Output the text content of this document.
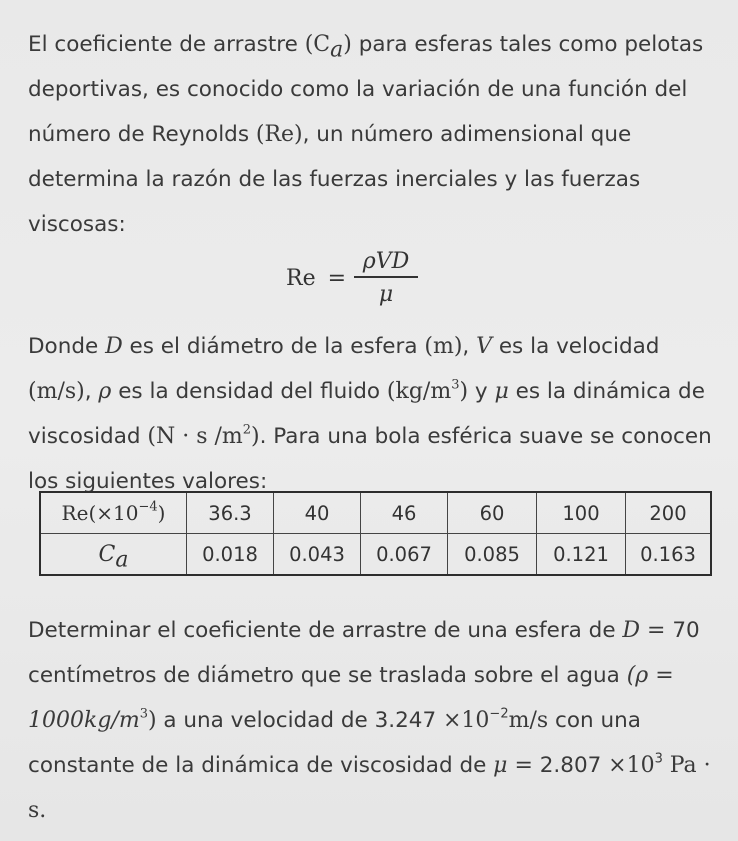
El coeficiente de arrastre $(C_a)$ para esferas tales como pelotas deportivas, es conocido como la variación de una función del número de Reynolds (Re), un número adimensional que determina la razón de las fuerzas inerciales y las fuerzas viscosas:

$Re = \frac{\text{ρVD}}{\mu}$

Donde D es el diámetro de la esfera (m), V es la velocidad (m/s), ρ es la densidad del fluido $(kg/m^3)$ y μ es la dinámica de viscosidad (N · s $/m^2$). Para una bola esférica suave se conocen los siguientes valores:

$Re(\times 10^{-4})$	36.3	40	46	60	100	200
$C_a$	0.018	0.043	0.067	0.085	0.121	0.163

Determinar el coeficiente de arrastre de una esfera de D = 70 centímetros de diámetro que se traslada sobre el agua $(\rho = 1000kg/m^3)$ a una velocidad de $3.247 \times 10^{-2}m/s$ con una constante de la dinámica de viscosidad de $\mu = 2.807 \times 10^3$ Pa · s.
